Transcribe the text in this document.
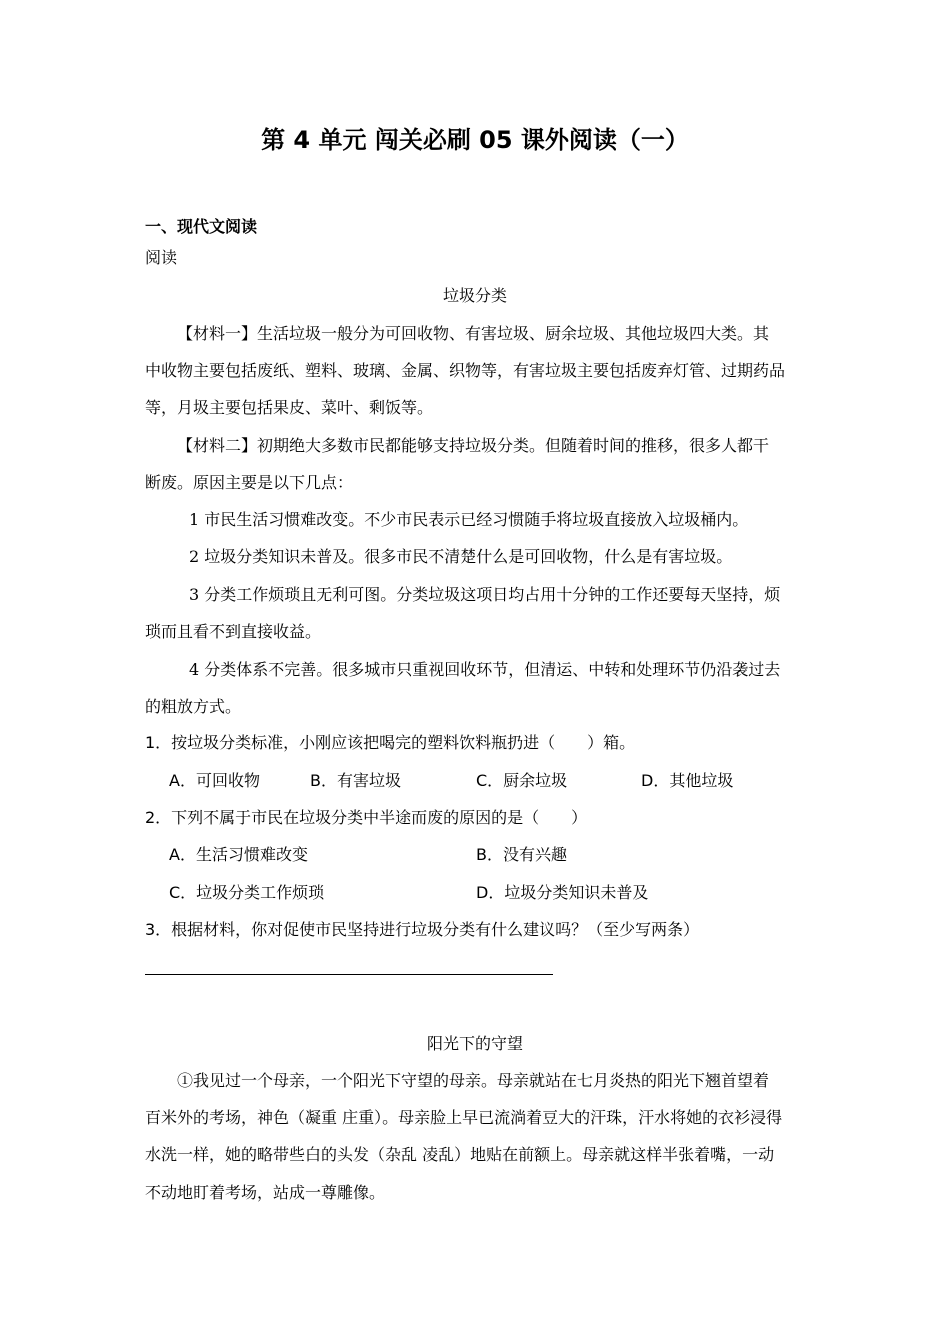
第 4 单元 闯关必刷 05 课外阅读（一）
一、现代文阅读
阅读
垃圾分类
【材料一】生活垃圾一般分为可回收物、有害垃圾、厨余垃圾、其他垃圾四大类。其
中收物主要包括废纸、塑料、玻璃、金属、织物等，有害垃圾主要包括废弃灯管、过期药品
等，月圾主要包括果皮、菜叶、剩饭等。
【材料二】初期绝大多数市民都能够支持垃圾分类。但随着时间的推移，很多人都干
断废。原因主要是以下几点：
1 市民生活习惯难改变。不少市民表示已经习惯随手将垃圾直接放入垃圾桶内。
2 垃圾分类知识未普及。很多市民不清楚什么是可回收物，什么是有害垃圾。
3 分类工作烦琐且无利可图。分类垃圾这项日均占用十分钟的工作还要每天坚持，烦
琐而且看不到直接收益。
4 分类体系不完善。很多城市只重视回收环节，但清运、中转和处理环节仍沿袭过去
的粗放方式。
1．按垃圾分类标准，小刚应该把喝完的塑料饮料瓶扔进（　　）箱。
A．可回收物	B．有害垃圾	C．厨余垃圾	D．其他垃圾
2．下列不属于市民在垃圾分类中半途而废的原因的是（　　）
A．生活习惯难改变	B．没有兴趣
C．垃圾分类工作烦琐	D．垃圾分类知识未普及
3．根据材料，你对促使市民坚持进行垃圾分类有什么建议吗？（至少写两条）
阳光下的守望
①我见过一个母亲，一个阳光下守望的母亲。母亲就站在七月炎热的阳光下翘首望着
百米外的考场，神色（凝重 庄重）。母亲脸上早已流淌着豆大的汗珠，汗水将她的衣衫浸得
水洗一样，她的略带些白的头发（杂乱 凌乱）地贴在前额上。母亲就这样半张着嘴，一动
不动地盯着考场，站成一尊雕像。
